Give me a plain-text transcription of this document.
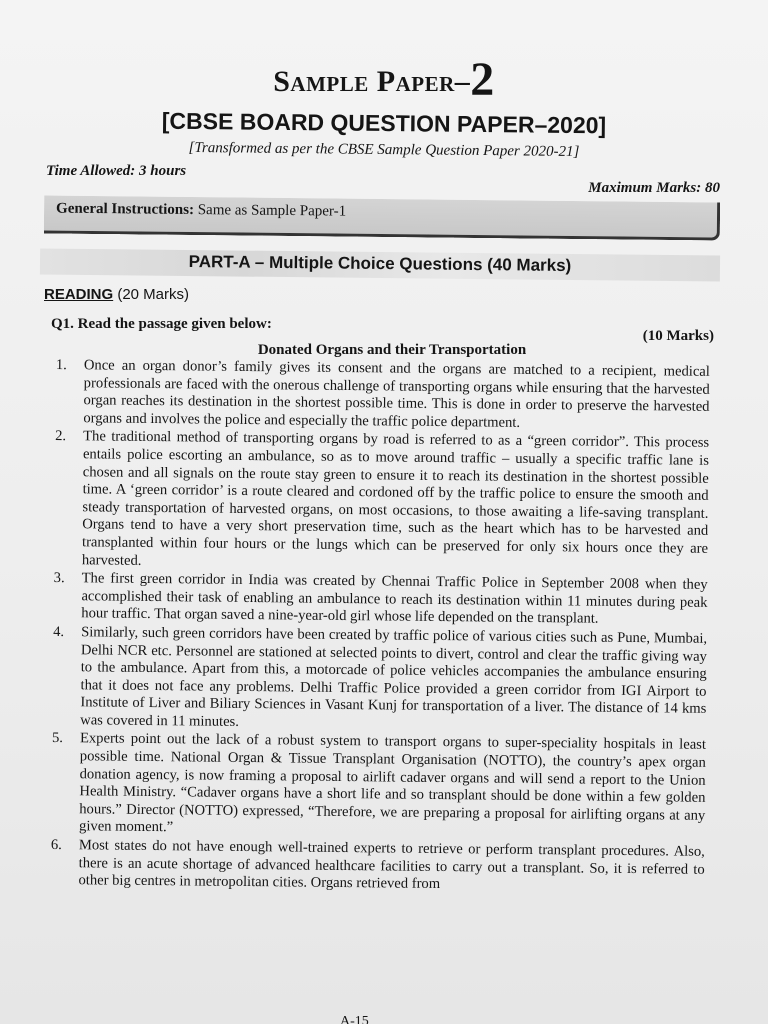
Sample Paper–2
[CBSE BOARD QUESTION PAPER–2020]
[Transformed as per the CBSE Sample Question Paper 2020-21]
Time Allowed: 3 hours
Maximum Marks: 80
General Instructions: Same as Sample Paper-1
PART-A – Multiple Choice Questions (40 Marks)
READING (20 Marks)
Q1. Read the passage given below:
(10 Marks)
Donated Organs and their Transportation
1.	Once an organ donor’s family gives its consent and the organs are matched to a recipient, medical professionals are faced with the onerous challenge of transporting organs while ensuring that the harvested organ reaches its destination in the shortest possible time. This is done in order to preserve the harvested organs and involves the police and especially the traffic police department.
2.	The traditional method of transporting organs by road is referred to as a “green corridor”. This process entails police escorting an ambulance, so as to move around traffic – usually a specific traffic lane is chosen and all signals on the route stay green to ensure it to reach its destination in the shortest possible time. A ‘green corridor’ is a route cleared and cordoned off by the traffic police to ensure the smooth and steady transportation of harvested organs, on most occasions, to those awaiting a life-saving transplant. Organs tend to have a very short preservation time, such as the heart which has to be harvested and transplanted within four hours or the lungs which can be preserved for only six hours once they are harvested.
3.	The first green corridor in India was created by Chennai Traffic Police in September 2008 when they accomplished their task of enabling an ambulance to reach its destination within 11 minutes during peak hour traffic. That organ saved a nine-year-old girl whose life depended on the transplant.
4.	Similarly, such green corridors have been created by traffic police of various cities such as Pune, Mumbai, Delhi NCR etc. Personnel are stationed at selected points to divert, control and clear the traffic giving way to the ambulance. Apart from this, a motorcade of police vehicles accompanies the ambulance ensuring that it does not face any problems. Delhi Traffic Police provided a green corridor from IGI Airport to Institute of Liver and Biliary Sciences in Vasant Kunj for transportation of a liver. The distance of 14 kms was covered in 11 minutes.
5.	Experts point out the lack of a robust system to transport organs to super-speciality hospitals in least possible time. National Organ & Tissue Transplant Organisation (NOTTO), the country’s apex organ donation agency, is now framing a proposal to airlift cadaver organs and will send a report to the Union Health Ministry. “Cadaver organs have a short life and so transplant should be done within a few golden hours.” Director (NOTTO) expressed, “Therefore, we are preparing a proposal for airlifting organs at any given moment.”
6.	Most states do not have enough well-trained experts to retrieve or perform transplant procedures. Also, there is an acute shortage of advanced healthcare facilities to carry out a transplant. So, it is referred to other big centres in metropolitan cities. Organs retrieved from
A-15
